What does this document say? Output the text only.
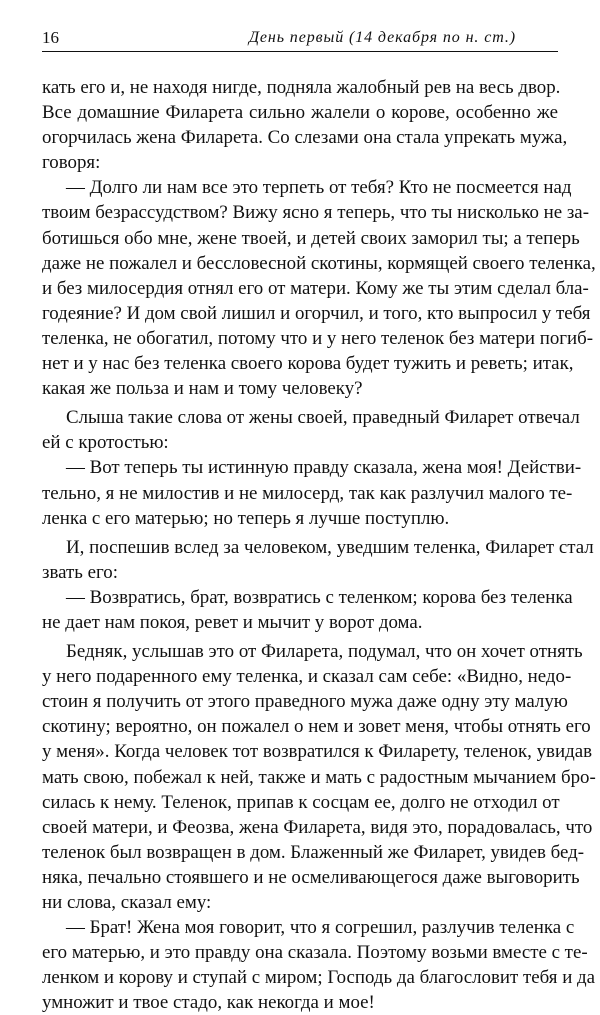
16	День первый (14 декабря по н. ст.)
кать его и, не находя нигде, подняла жалобный рев на весь двор.
Все домашние Филарета сильно жалели о корове, особенно же
огорчилась жена Филарета. Со слезами она стала упрекать мужа,
говоря:
— Долго ли нам все это терпеть от тебя? Кто не посмеется над
твоим безрассудством? Вижу ясно я теперь, что ты нисколько не за-
ботишься обо мне, жене твоей, и детей своих заморил ты; а теперь
даже не пожалел и бессловесной скотины, кормящей своего теленка,
и без милосердия отнял его от матери. Кому же ты этим сделал бла-
годеяние? И дом свой лишил и огорчил, и того, кто выпросил у тебя
теленка, не обогатил, потому что и у него теленок без матери погиб-
нет и у нас без теленка своего корова будет тужить и реветь; итак,
какая же польза и нам и тому человеку?
Слыша такие слова от жены своей, праведный Филарет отвечал
ей с кротостью:
— Вот теперь ты истинную правду сказала, жена моя! Действи-
тельно, я не милостив и не милосерд, так как разлучил малого те-
ленка с его матерью; но теперь я лучше поступлю.
И, поспешив вслед за человеком, уведшим теленка, Филарет стал
звать его:
— Возвратись, брат, возвратись с теленком; корова без теленка
не дает нам покоя, ревет и мычит у ворот дома.
Бедняк, услышав это от Филарета, подумал, что он хочет отнять
у него подаренного ему теленка, и сказал сам себе: «Видно, недо-
стоин я получить от этого праведного мужа даже одну эту малую
скотину; вероятно, он пожалел о нем и зовет меня, чтобы отнять его
у меня». Когда человек тот возвратился к Филарету, теленок, увидав
мать свою, побежал к ней, также и мать с радостным мычанием бро-
силась к нему. Теленок, припав к сосцам ее, долго не отходил от
своей матери, и Феозва, жена Филарета, видя это, порадовалась, что
теленок был возвращен в дом. Блаженный же Филарет, увидев бед-
няка, печально стоявшего и не осмеливающегося даже выговорить
ни слова, сказал ему:
— Брат! Жена моя говорит, что я согрешил, разлучив теленка с
его матерью, и это правду она сказала. Поэтому возьми вместе с те-
ленком и корову и ступай с миром; Господь да благословит тебя и да
умножит и твое стадо, как некогда и мое!
